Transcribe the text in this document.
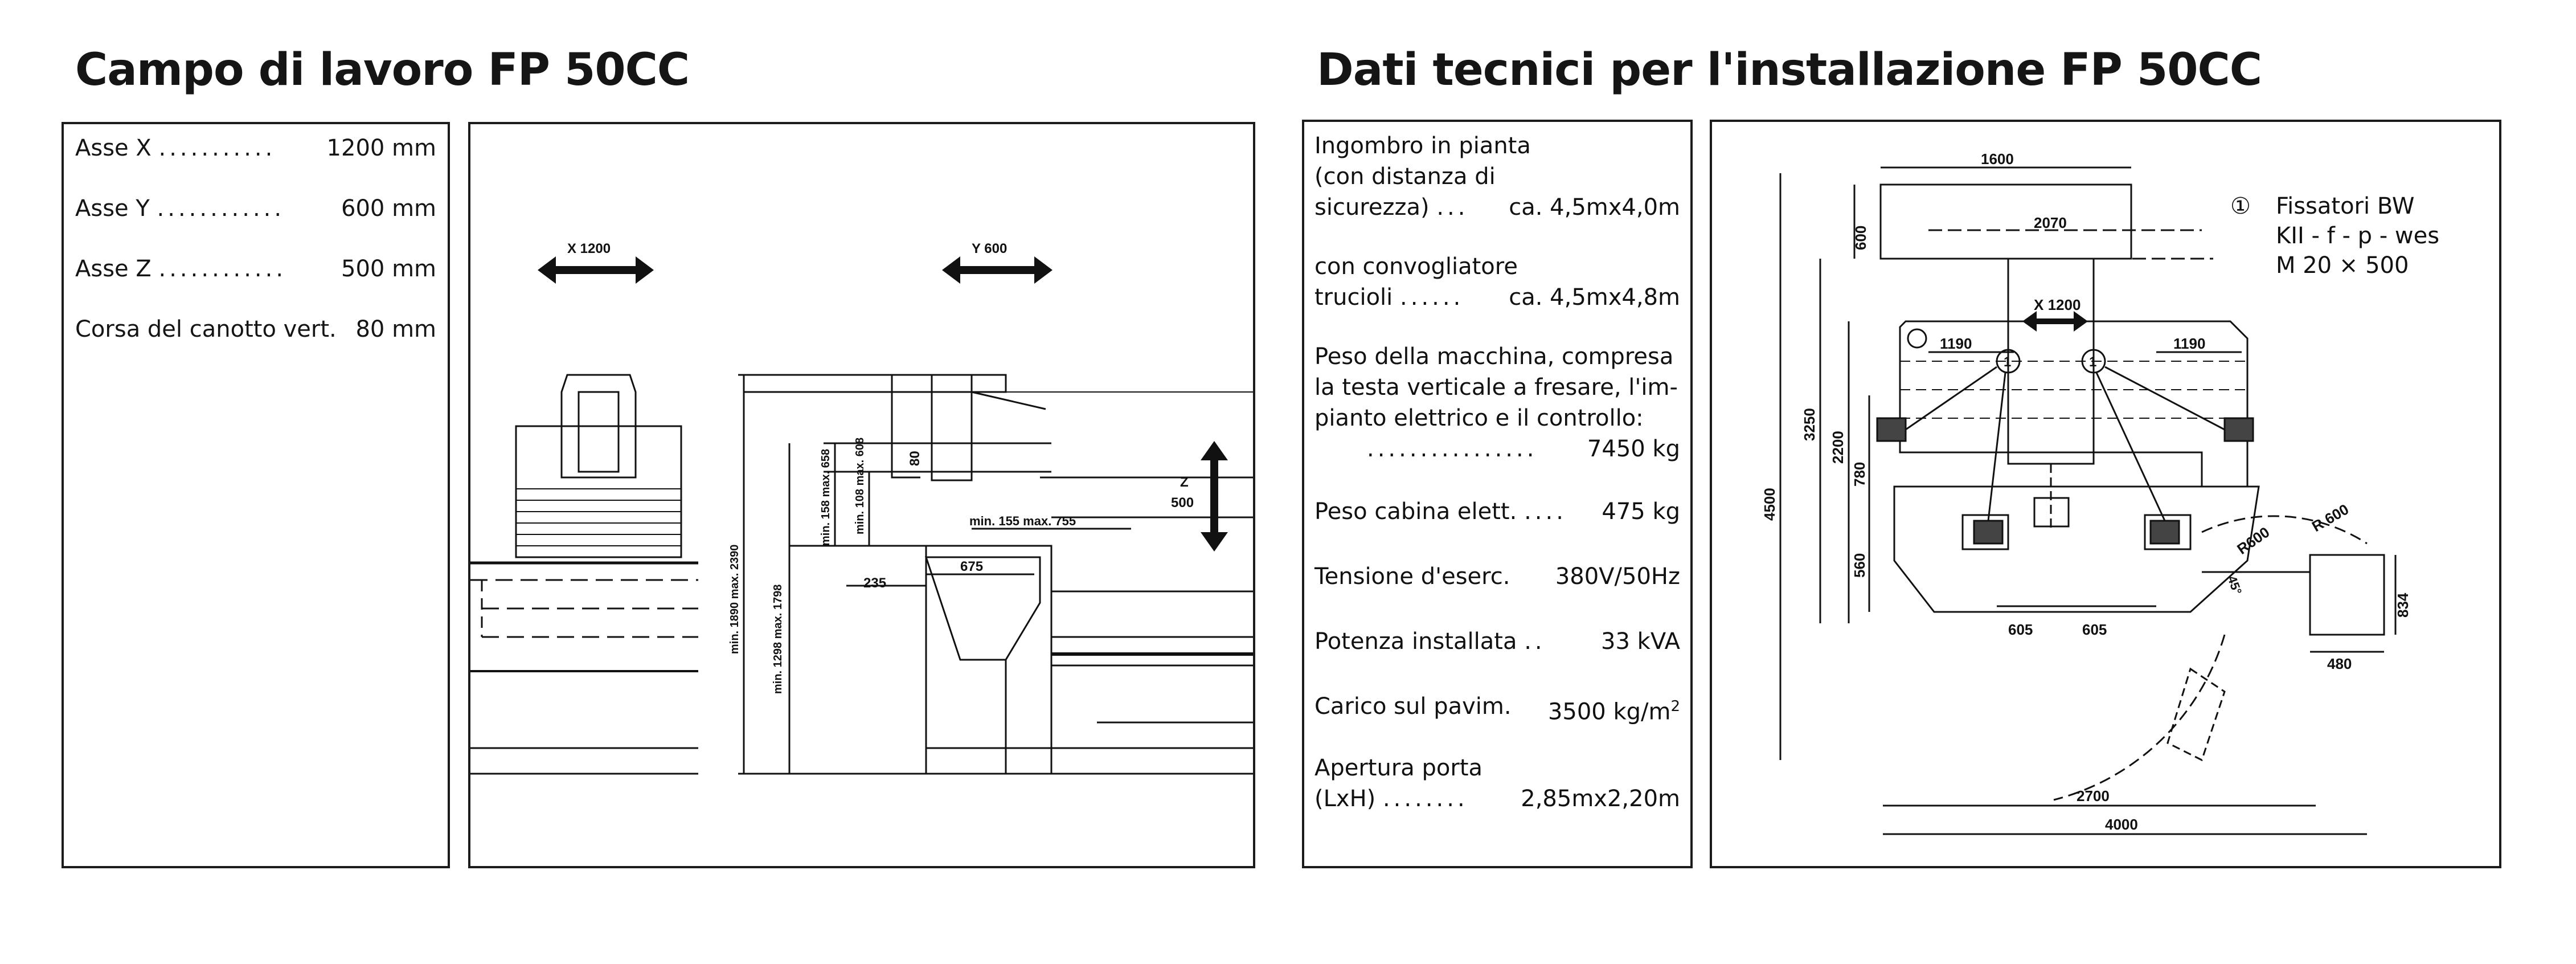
Campo di lavoro FP 50CC
Asse X ........... 1200 mm
Asse Y ............ 600 mm
Asse Z ............ 500 mm
Corsa del canotto vert. 80 mm
X 1200	Y 600
Z
500
235
675
min. 155 max. 755
80
min. 108 max. 608
min. 158 max. 658
min. 1298 max. 1798
min. 1890 max. 2390
Dati tecnici per l'installazione FP 50CC
Ingombro in pianta
(con distanza di
sicurezza) ... ca. 4,5mx4,0m
con convogliatore
trucioli ...... ca. 4,5mx4,8m
Peso della macchina, compresa
la testa verticale a fresare, l'im-
pianto elettrico e il controllo:
................ 7450 kg
Peso cabina elett. .... 475 kg
Tensione d'eserc. 380V/50Hz
Potenza installata .. 33 kVA
Carico sul pavim. 3500 $kg/m^2$
Apertura porta
(LxH) ........ 2,85mx2,20m
① Fissatori BW
KII - f - p - wes
M 20 × 500
1600
2070
600
X 1200
1190	1190
1	1
4500
3250
2200
780
560
605	605
R600
R 600
45°
834
480
2700
4000
